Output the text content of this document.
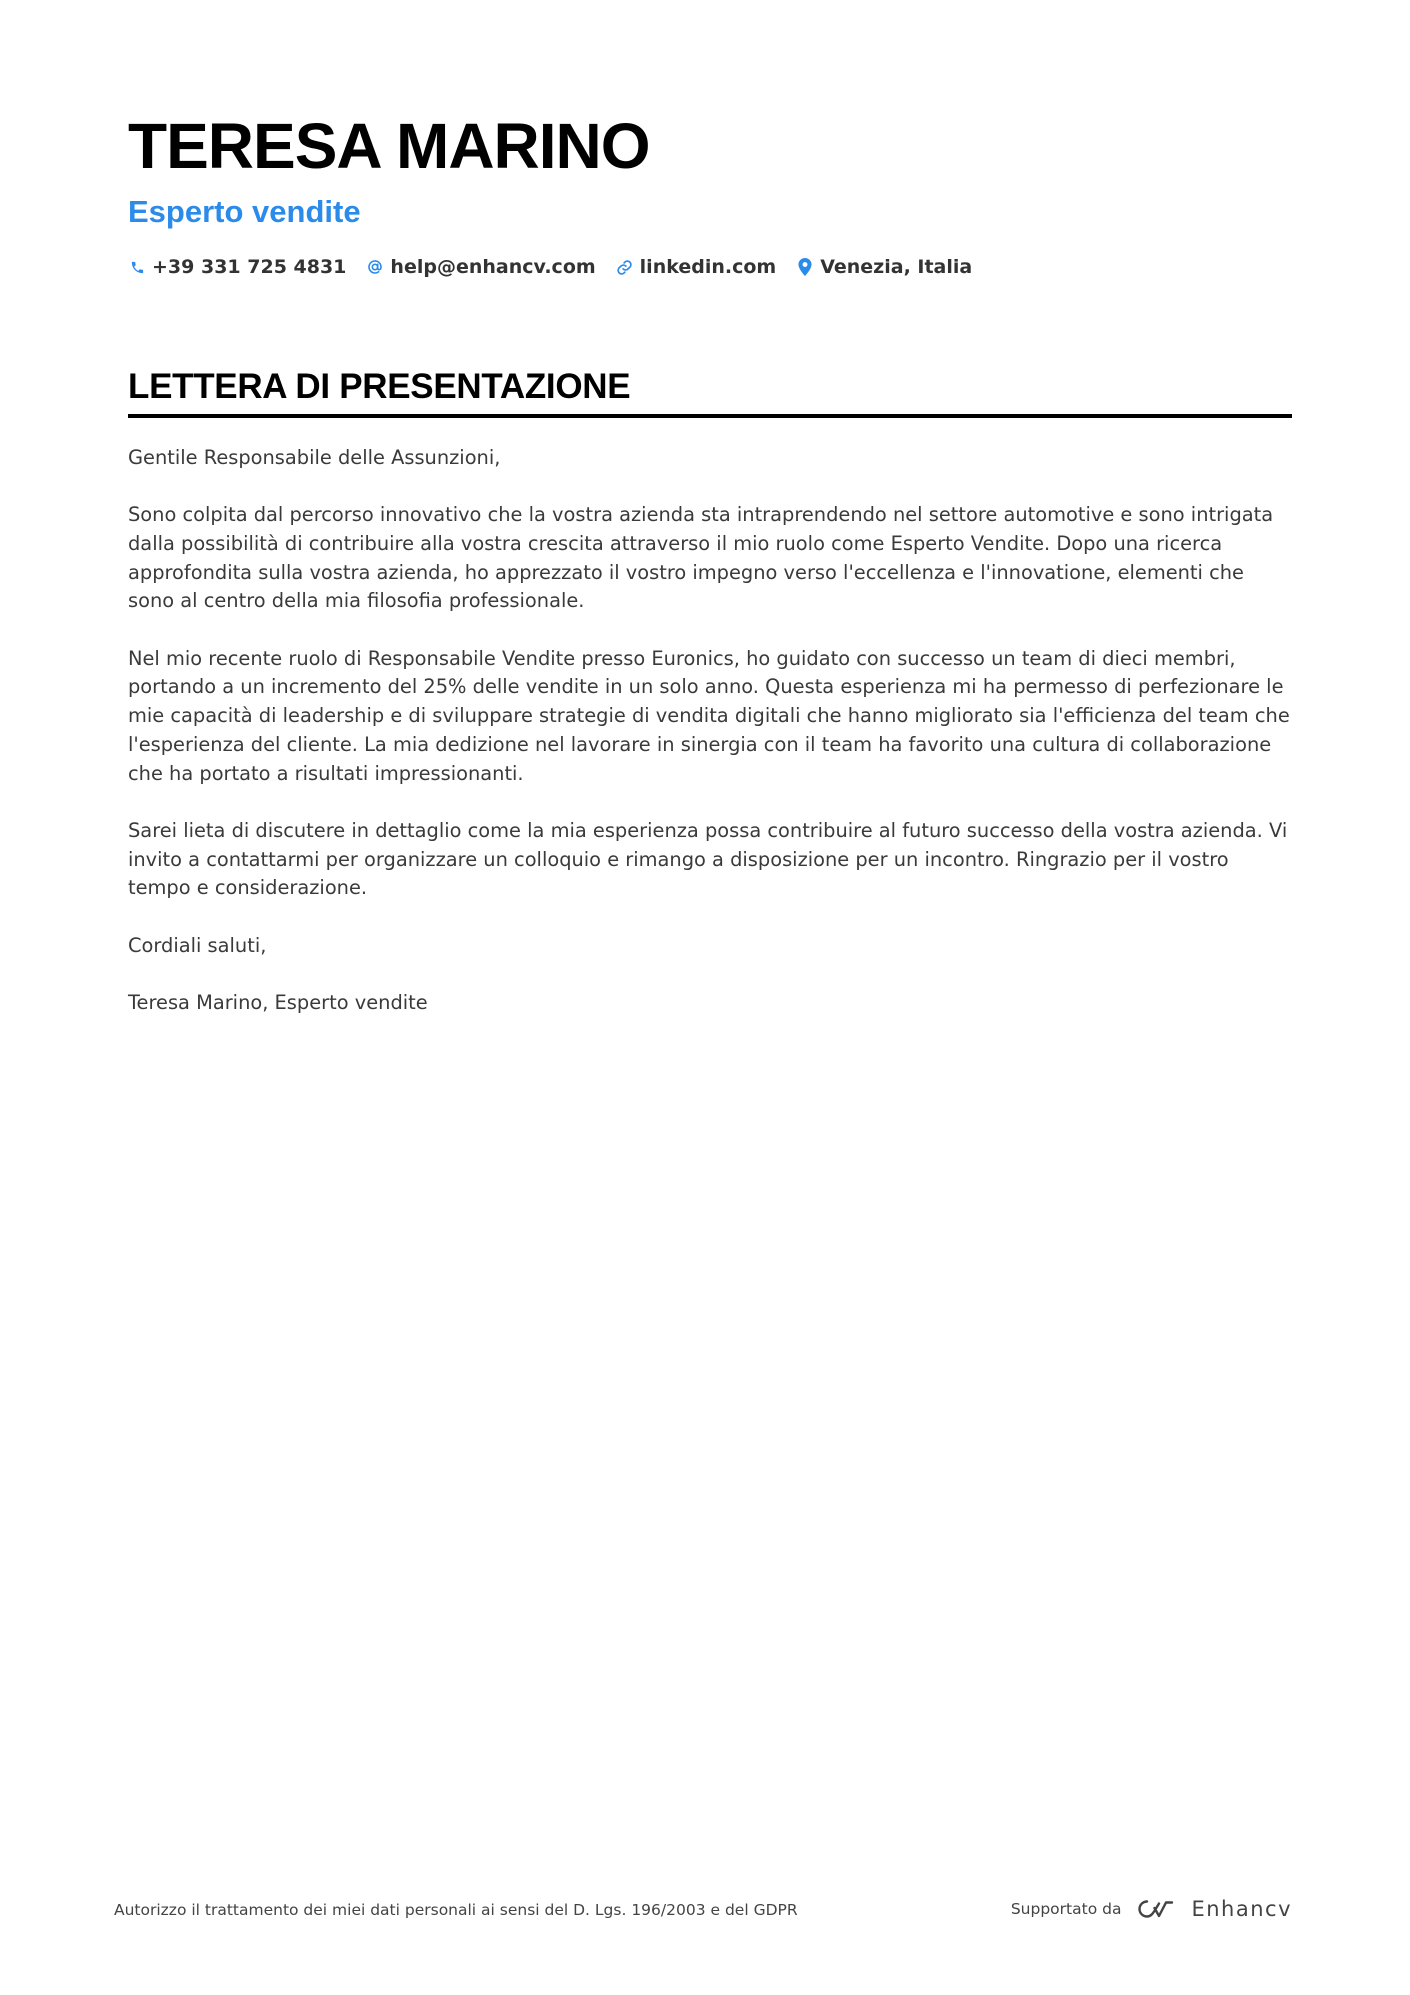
TERESA MARINO
Esperto vendite
+39 331 725 4831 help@enhancv.com linkedin.com Venezia, Italia
LETTERA DI PRESENTAZIONE

Gentile Responsabile delle Assunzioni,

Sono colpita dal percorso innovativo che la vostra azienda sta intraprendendo nel settore automotive e sono intrigata dalla possibilità di contribuire alla vostra crescita attraverso il mio ruolo come Esperto Vendite. Dopo una ricerca approfondita sulla vostra azienda, ho apprezzato il vostro impegno verso l'eccellenza e l'innovatione, elementi che sono al centro della mia filosofia professionale.

Nel mio recente ruolo di Responsabile Vendite presso Euronics, ho guidato con successo un team di dieci membri, portando a un incremento del 25% delle vendite in un solo anno. Questa esperienza mi ha permesso di perfezionare le mie capacità di leadership e di sviluppare strategie di vendita digitali che hanno migliorato sia l'efficienza del team che l'esperienza del cliente. La mia dedizione nel lavorare in sinergia con il team ha favorito una cultura di collaborazione che ha portato a risultati impressionanti.

Sarei lieta di discutere in dettaglio come la mia esperienza possa contribuire al futuro successo della vostra azienda. Vi invito a contattarmi per organizzare un colloquio e rimango a disposizione per un incontro. Ringrazio per il vostro tempo e considerazione.

Cordiali saluti,

Teresa Marino, Esperto vendite

Autorizzo il trattamento dei miei dati personali ai sensi del D. Lgs. 196/2003 e del GDPR	Supportato da	Enhancv
